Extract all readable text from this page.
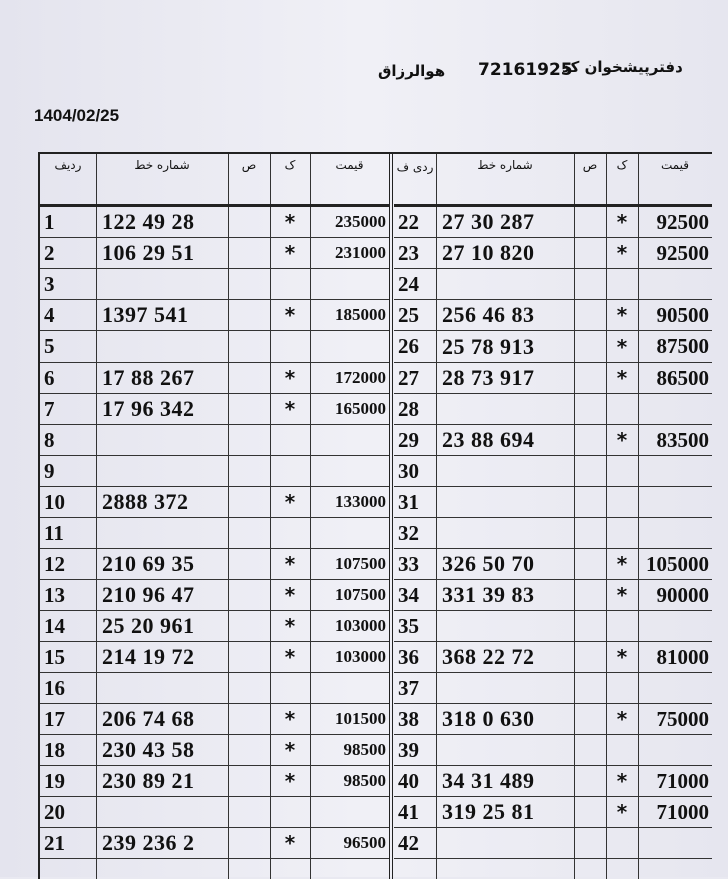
هوالرزاق 72161925
دفترپیشخوان کد
1404/02/25
ردیف	شماره خط	ص	ک	قیمت
1	122 49 28	*	235000
2	106 29 51	*	231000
3
4	1397 541	*	185000
5
6	17 88 267	*	172000
7	17 96 342	*	165000
8
9
10	2888 372	*	133000
11
12	210 69 35	*	107500
13	210 96 47	*	107500
14	25 20 961	*	103000
15	214 19 72	*	103000
16
17	206 74 68	*	101500
18	230 43 58	*	98500
19	230 89 21	*	98500
20
21	239 236 2	*	96500
ردی ف	شماره خط	ص	ک	قیمت
22	27 30 287	*	92500
23	27 10 820	*	92500
24
25	256 46 83	*	90500
26	25 78 913	*	87500
27	28 73 917	*	86500
28
29	23 88 694	*	83500
30
31
32
33	326 50 70	* 105000
34	331 39 83	*	90000
35
36	368 22 72	*	81000
37
38	318 0 630	*	75000
39
40	34 31 489	*	71000
41	319 25 81	*	71000
42
